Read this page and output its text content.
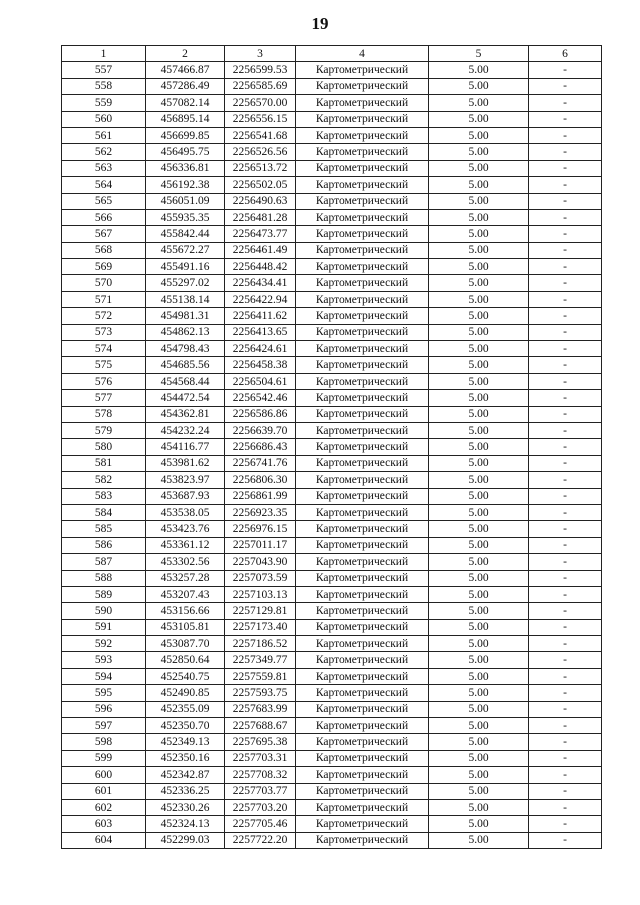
19
1	2	3	4	5	6
557	457466.87	2256599.53	Картометрический	5.00	-
558	457286.49	2256585.69	Картометрический	5.00	-
559	457082.14	2256570.00	Картометрический	5.00	-
560	456895.14	2256556.15	Картометрический	5.00	-
561	456699.85	2256541.68	Картометрический	5.00	-
562	456495.75	2256526.56	Картометрический	5.00	-
563	456336.81	2256513.72	Картометрический	5.00	-
564	456192.38	2256502.05	Картометрический	5.00	-
565	456051.09	2256490.63	Картометрический	5.00	-
566	455935.35	2256481.28	Картометрический	5.00	-
567	455842.44	2256473.77	Картометрический	5.00	-
568	455672.27	2256461.49	Картометрический	5.00	-
569	455491.16	2256448.42	Картометрический	5.00	-
570	455297.02	2256434.41	Картометрический	5.00	-
571	455138.14	2256422.94	Картометрический	5.00	-
572	454981.31	2256411.62	Картометрический	5.00	-
573	454862.13	2256413.65	Картометрический	5.00	-
574	454798.43	2256424.61	Картометрический	5.00	-
575	454685.56	2256458.38	Картометрический	5.00	-
576	454568.44	2256504.61	Картометрический	5.00	-
577	454472.54	2256542.46	Картометрический	5.00	-
578	454362.81	2256586.86	Картометрический	5.00	-
579	454232.24	2256639.70	Картометрический	5.00	-
580	454116.77	2256686.43	Картометрический	5.00	-
581	453981.62	2256741.76	Картометрический	5.00	-
582	453823.97	2256806.30	Картометрический	5.00	-
583	453687.93	2256861.99	Картометрический	5.00	-
584	453538.05	2256923.35	Картометрический	5.00	-
585	453423.76	2256976.15	Картометрический	5.00	-
586	453361.12	2257011.17	Картометрический	5.00	-
587	453302.56	2257043.90	Картометрический	5.00	-
588	453257.28	2257073.59	Картометрический	5.00	-
589	453207.43	2257103.13	Картометрический	5.00	-
590	453156.66	2257129.81	Картометрический	5.00	-
591	453105.81	2257173.40	Картометрический	5.00	-
592	453087.70	2257186.52	Картометрический	5.00	-
593	452850.64	2257349.77	Картометрический	5.00	-
594	452540.75	2257559.81	Картометрический	5.00	-
595	452490.85	2257593.75	Картометрический	5.00	-
596	452355.09	2257683.99	Картометрический	5.00	-
597	452350.70	2257688.67	Картометрический	5.00	-
598	452349.13	2257695.38	Картометрический	5.00	-
599	452350.16	2257703.31	Картометрический	5.00	-
600	452342.87	2257708.32	Картометрический	5.00	-
601	452336.25	2257703.77	Картометрический	5.00	-
602	452330.26	2257703.20	Картометрический	5.00	-
603	452324.13	2257705.46	Картометрический	5.00	-
604	452299.03	2257722.20	Картометрический	5.00	-
